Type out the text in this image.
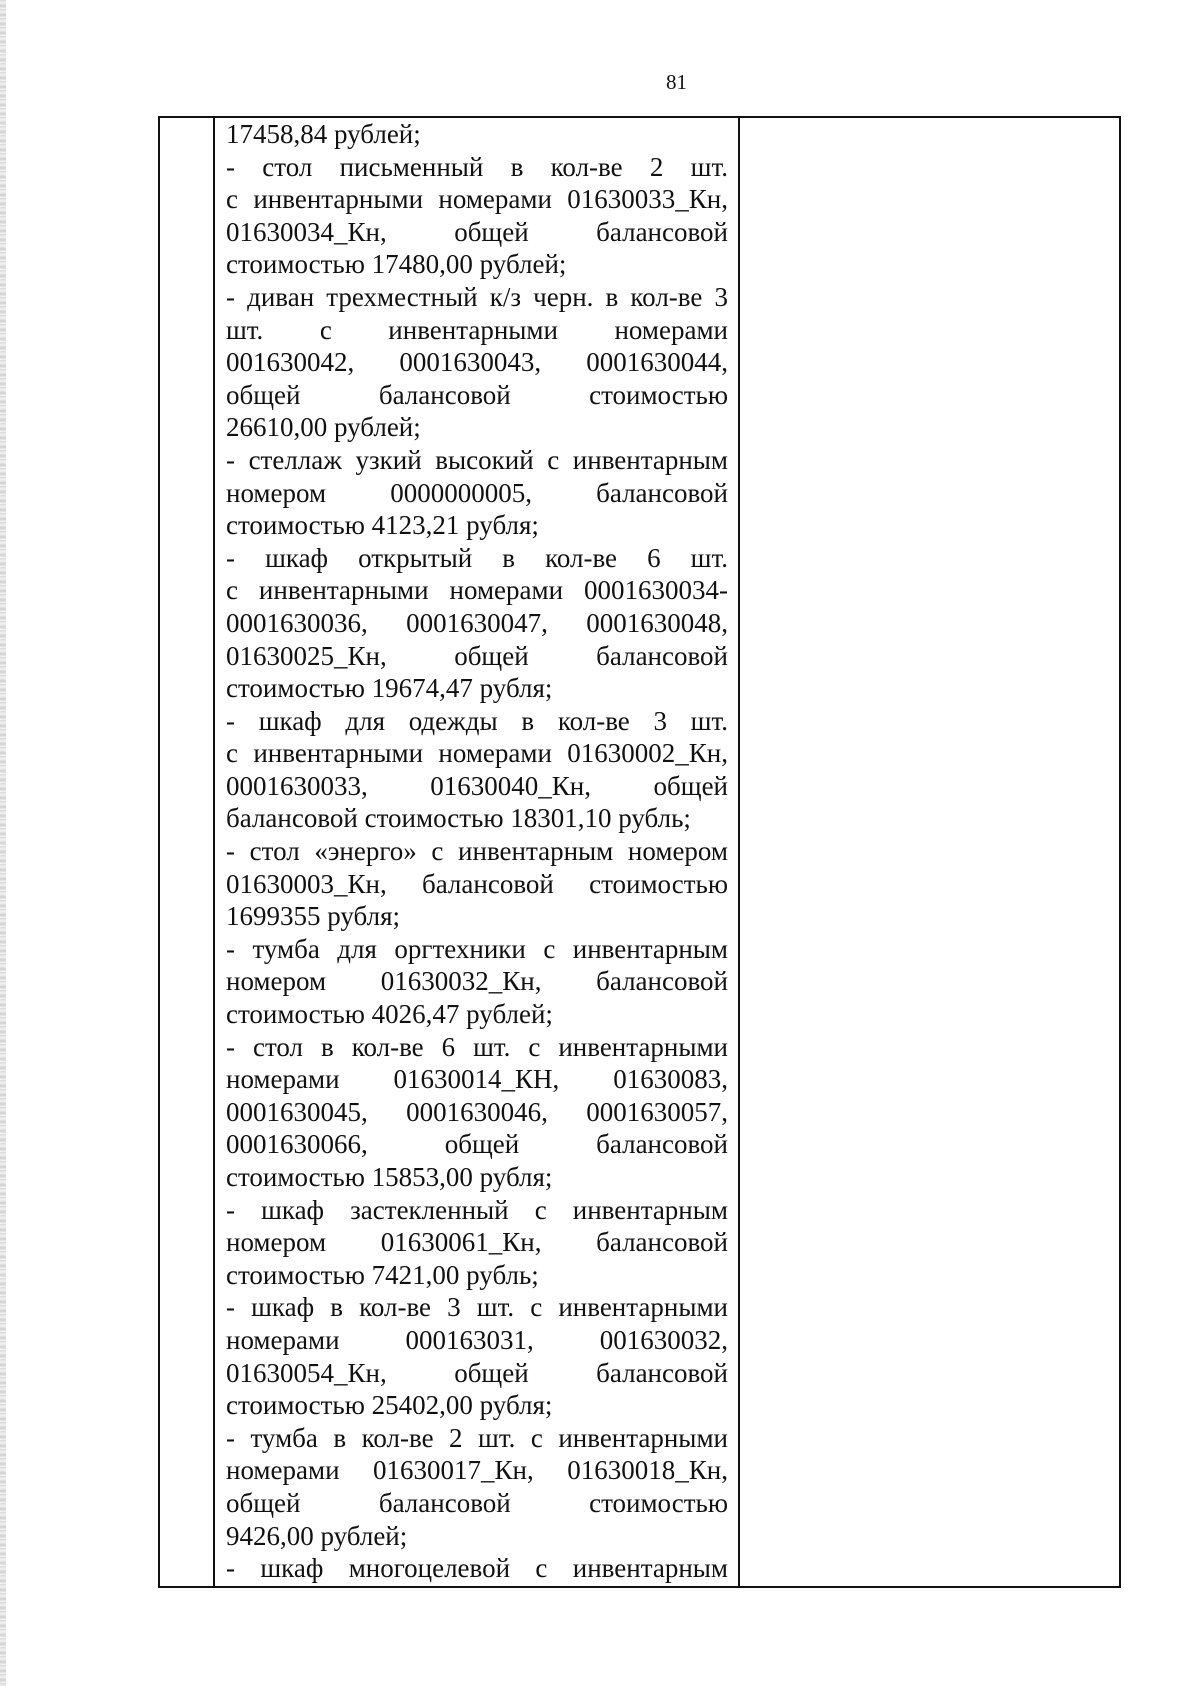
81
17458,84 рублей;
- стол письменный в кол-ве 2 шт.
с инвентарными номерами 01630033_Кн,
01630034_Кн, общей балансовой
стоимостью 17480,00 рублей;
- диван трехместный к/з черн. в кол-ве 3
шт. с инвентарными номерами
001630042, 0001630043, 0001630044,
общей балансовой стоимостью
26610,00 рублей;
- стеллаж узкий высокий с инвентарным
номером 0000000005, балансовой
стоимостью 4123,21 рубля;
- шкаф открытый в кол-ве 6 шт.
с инвентарными номерами 0001630034-
0001630036, 0001630047, 0001630048,
01630025_Кн, общей балансовой
стоимостью 19674,47 рубля;
- шкаф для одежды в кол-ве 3 шт.
с инвентарными номерами 01630002_Кн,
0001630033, 01630040_Кн, общей
балансовой стоимостью 18301,10 рубль;
- стол «энерго» с инвентарным номером
01630003_Кн, балансовой стоимостью
1699355 рубля;
- тумба для оргтехники с инвентарным
номером 01630032_Кн, балансовой
стоимостью 4026,47 рублей;
- стол в кол-ве 6 шт. с инвентарными
номерами 01630014_КН, 01630083,
0001630045, 0001630046, 0001630057,
0001630066, общей балансовой
стоимостью 15853,00 рубля;
- шкаф застекленный с инвентарным
номером 01630061_Кн, балансовой
стоимостью 7421,00 рубль;
- шкаф в кол-ве 3 шт. с инвентарными
номерами 000163031, 001630032,
01630054_Кн, общей балансовой
стоимостью 25402,00 рубля;
- тумба в кол-ве 2 шт. с инвентарными
номерами 01630017_Кн, 01630018_Кн,
общей балансовой стоимостью
9426,00 рублей;
- шкаф многоцелевой с инвентарным
